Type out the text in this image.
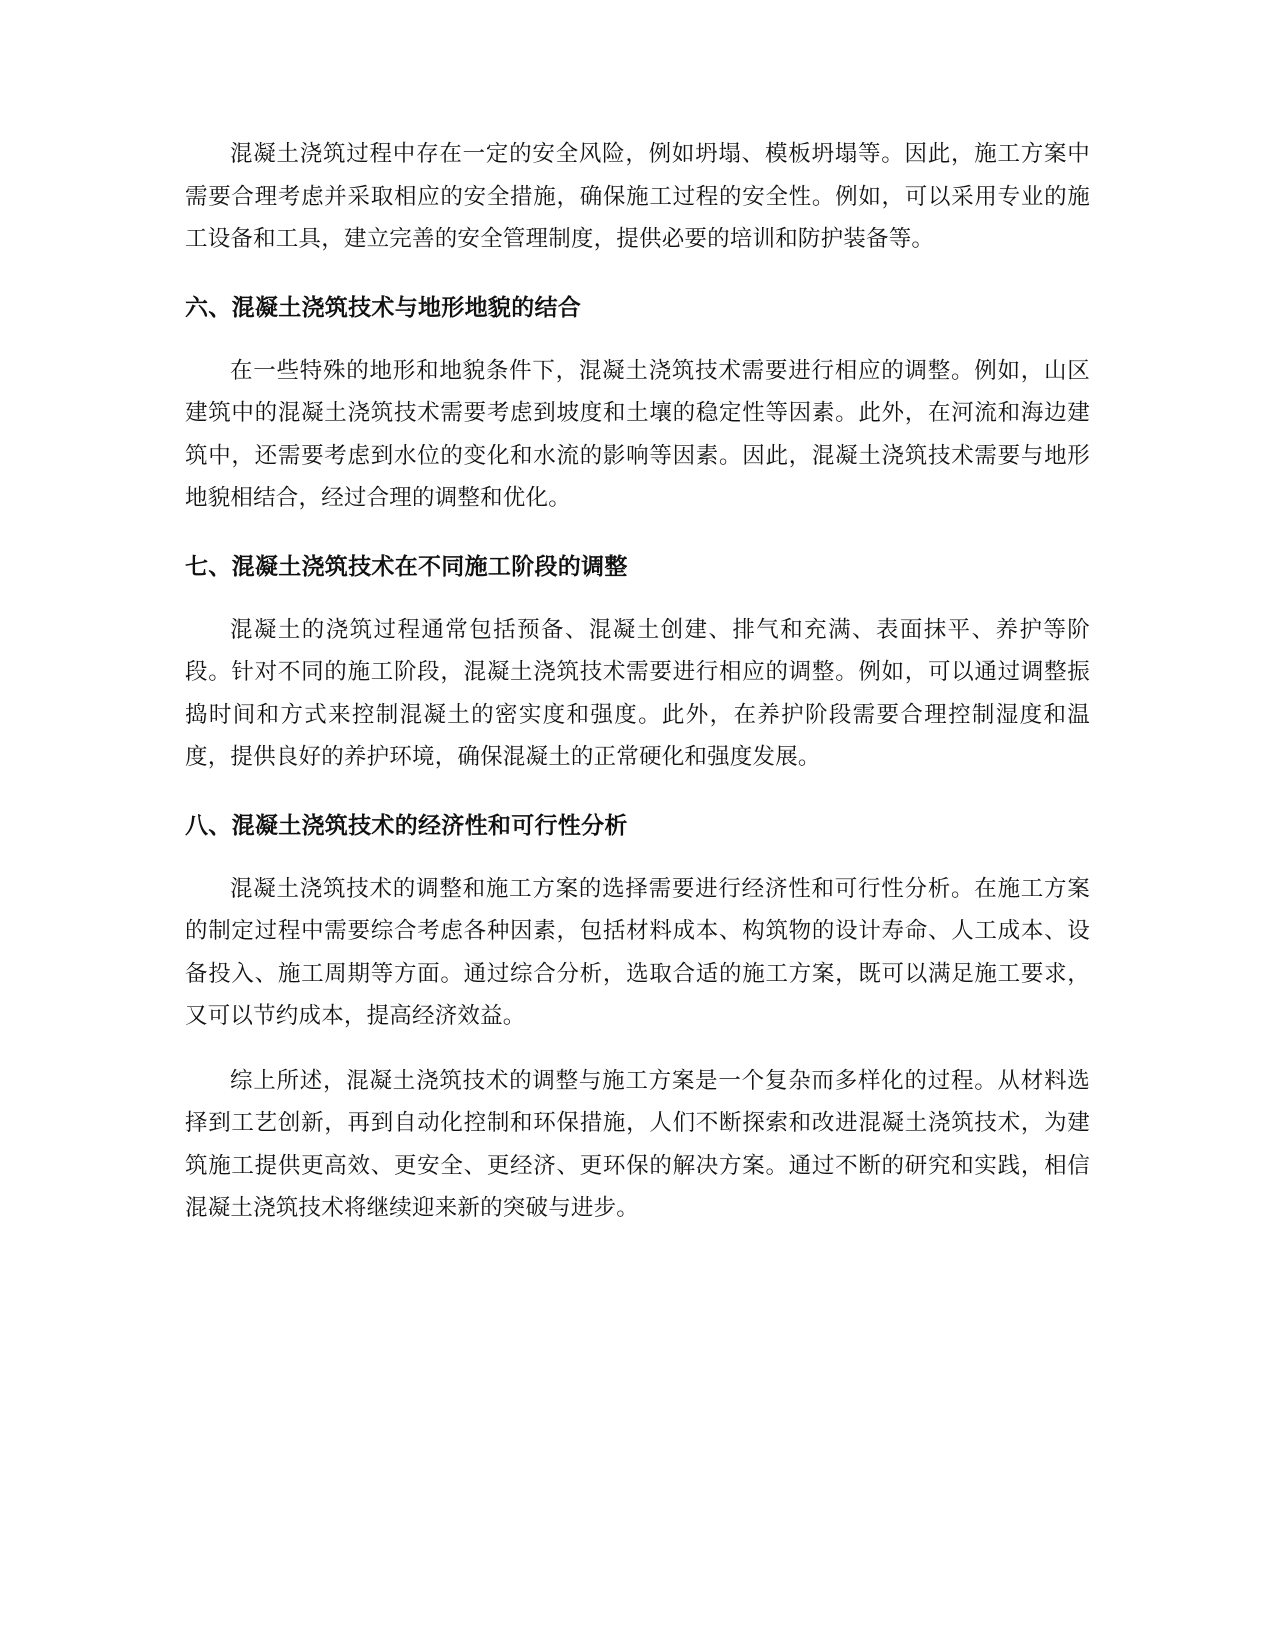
混凝土浇筑过程中存在一定的安全风险，例如坍塌、模板坍塌等。因此，施工方案中需要合理考虑并采取相应的安全措施，确保施工过程的安全性。例如，可以采用专业的施工设备和工具，建立完善的安全管理制度，提供必要的培训和防护装备等。

六、混凝土浇筑技术与地形地貌的结合

在一些特殊的地形和地貌条件下，混凝土浇筑技术需要进行相应的调整。例如，山区建筑中的混凝土浇筑技术需要考虑到坡度和土壤的稳定性等因素。此外，在河流和海边建筑中，还需要考虑到水位的变化和水流的影响等因素。因此，混凝土浇筑技术需要与地形地貌相结合，经过合理的调整和优化。

七、混凝土浇筑技术在不同施工阶段的调整

混凝土的浇筑过程通常包括预备、混凝土创建、排气和充满、表面抹平、养护等阶段。针对不同的施工阶段，混凝土浇筑技术需要进行相应的调整。例如，可以通过调整振捣时间和方式来控制混凝土的密实度和强度。此外，在养护阶段需要合理控制湿度和温度，提供良好的养护环境，确保混凝土的正常硬化和强度发展。

八、混凝土浇筑技术的经济性和可行性分析

混凝土浇筑技术的调整和施工方案的选择需要进行经济性和可行性分析。在施工方案的制定过程中需要综合考虑各种因素，包括材料成本、构筑物的设计寿命、人工成本、设备投入、施工周期等方面。通过综合分析，选取合适的施工方案，既可以满足施工要求，又可以节约成本，提高经济效益。

综上所述，混凝土浇筑技术的调整与施工方案是一个复杂而多样化的过程。从材料选择到工艺创新，再到自动化控制和环保措施，人们不断探索和改进混凝土浇筑技术，为建筑施工提供更高效、更安全、更经济、更环保的解决方案。通过不断的研究和实践，相信混凝土浇筑技术将继续迎来新的突破与进步。
